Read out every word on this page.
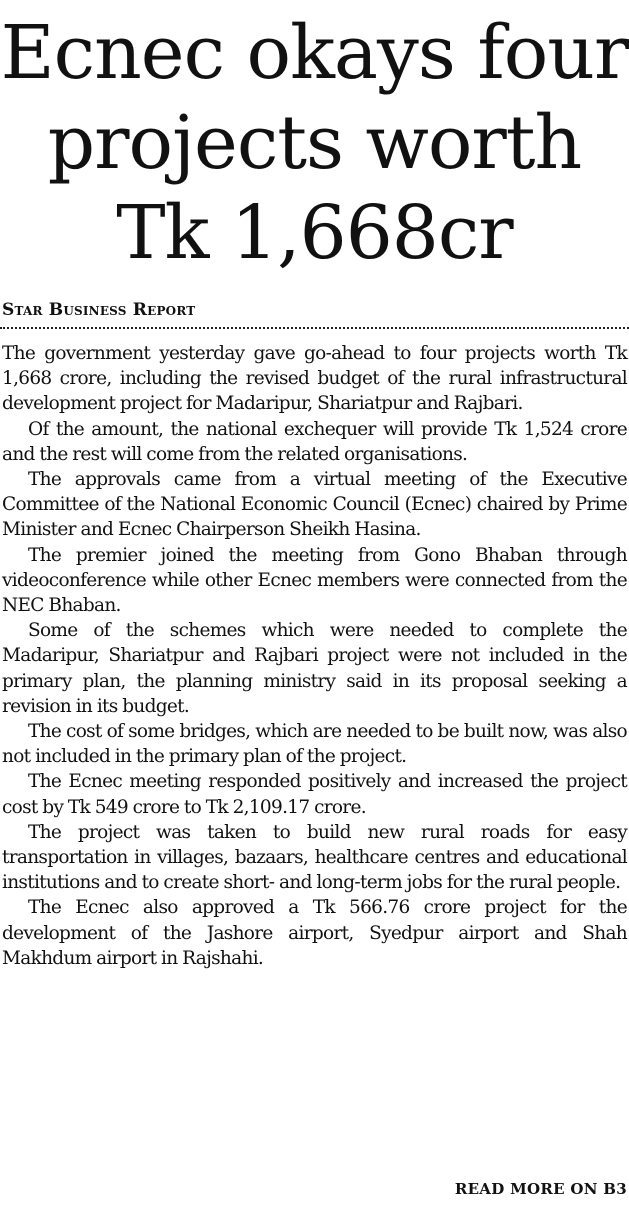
Ecnec okays four
projects worth
Tk 1,668cr
Star Business Report

The government yesterday gave go-ahead to four projects worth Tk 1,668 crore, including the revised budget of the rural infrastructural development project for Madaripur, Shariatpur and Rajbari.

Of the amount, the national exchequer will provide Tk 1,524 crore and the rest will come from the related organisations.

The approvals came from a virtual meeting of the Executive Committee of the National Economic Council (Ecnec) chaired by Prime Minister and Ecnec Chairperson Sheikh Hasina.

The premier joined the meeting from Gono Bhaban through videoconference while other Ecnec members were connected from the NEC Bhaban.

Some of the schemes which were needed to complete the Madaripur, Shariatpur and Rajbari project were not included in the primary plan, the planning ministry said in its proposal seeking a revision in its budget.

The cost of some bridges, which are needed to be built now, was also not included in the primary plan of the project.

The Ecnec meeting responded positively and increased the project cost by Tk 549 crore to Tk 2,109.17 crore.

The project was taken to build new rural roads for easy transportation in villages, bazaars, healthcare centres and educational institutions and to create short- and long-term jobs for the rural people.

The Ecnec also approved a Tk 566.76 crore project for the development of the Jashore airport, Syedpur airport and Shah Makhdum airport in Rajshahi.

READ MORE ON B3
